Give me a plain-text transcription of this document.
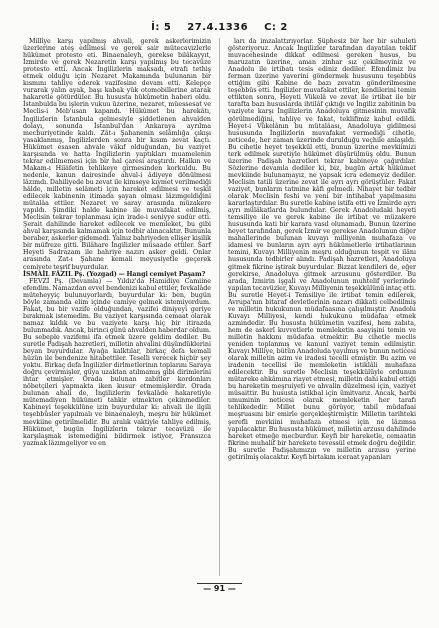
İ: 5 27.4.1336 C: 2

Millîye karşı yapılmış ahvali, gerek askerlerimizin üzerlerine ateş edilmesi ve gerek sair mütecavizlerle hükûmet protesto eti. Binaenaleyh, gerekse bilâkayyıt, İzmirde ve gerek Nezaretin karşı yapılmış bu tecavüze protesto etti. Ancak İngilizlerin maksadı, etrafı tethiş etmek olduğu için Nezaret Makamında bulunanın bir kısmını tahliye ederek vazifesine devam etti. Kelepçe vurarak yalın ayak, başı kabak yük otomobillerine atarak hakaretle götürdüler. Bu hususta hükûmetin haberi oldu. İstanbulda bu işlerin vukuu üzerine, nezaret, müessesat ve Meclis-i Meb'usan kapandı. Hükûmet bu harekâtı, İngilizlerin İstanbula gelmesiyle şiddetlenen ahvalden dolayı, sonunda İstanbul'dan Ankaraya ayrılma mecburiyetinde kaldı. Zât-ı Şahanenin selâmlığa çıkışı yasaklanmış, İngilizlerden sonra bir kısım zevat kaçtı. Hükûmet esasen ahvale vâkıf olduğundan, bu vaziyet karşısında ve hatta İngilizlerin yaptıkları muamelenin tekrar edilmemesi için bir hal çaresi araştırdı. Halkın ve Makam-ı Hilâfetin tehlikeye girmesinden korkuldu. Bu nedenle, kanun dairesinde ahval-i âdiyeye dönülmesi lâzımdı. Dahiliyede bu zevat ile kimseye kıymet verilmediği hâlde, milletin selâmeti için hareket edilmesi ve teşkil edilecek kabinenin itimada şayan olması lâzımgeldiğini mütalâa ettiler. Nezaret ve saray arasında müzakere yapıldı. Şimdiki halde kabine ile muvafakat edilmiş, Meclisin tekrar toplanması için irade-i seniyye sudûr etti. Şerait dahilinde hareket edilecek ve memleket, bu gibi ahval karşısında kalmamak için tedbir alınacaktır. Bununla beraber, askerler gidemedi. Yalnız bahriyeden ellişer kişilik bir müfreze gitti. Bilâhare İngilizler müsaade ettiler. Sarf Heyeti Sadrazam ile bahriye nazırı asker geldi. Onlar arasında Zat-ı Şahane kemali meyusiyetle geçerek cemiyete teşrif buyurdular.

İSMAİL FÂZIL Pş. (Yozgad) — Hangi cemiyet Paşam?

FEVZİ Pş. (Devamla) — Yıldız'da Hamidiye Camiine efendim. Namazdan evvel bendenizi kabul ettiler, fevkalâde müteheyyiç bulunuyorlardı, buyurdular ki: ben, bugün böyle zamanda elim içinde camiye gelmek istemiyordum. Fakat, bu bir vazife olduğundan, vazifei diniyeyi geriye bırakmak istemedim. Bu vaziyet karşısında cemaat olarak namaz kıldık ve bu vaziyete karşı hiç bir itirazda bulunmadık. Ancak, birinci günü ahvalden haberdar oldum. Bu sebeple vazifemi ifa etmek üzere geldim dediler. Bu suretle Padişah hazretleri, milletin ahvalini düşündüklerini beyan buyurdular. Ayağa kalktılar, birkaç defa kemali hüzün ile bendenize hitabettiler. Teselli verecek hiçbir şey yoktu. Birkaç defa İngilizler dirlmetlerinın toplarını Saraya doğru çevirmişler, güya uzaktan atılmamış gibi dirimlerini ihtar etmişler. Orada bulunan zabitler kordonları nöbetçileri yapmakta iken kusur etmemişlerdir. Orada bulunan ahali de, İngilizlerin fevkalâde hakaretiyle mütemadiyen hükûmeti tahkir etmekten çekinmediler. Kabineyi teşekkülüne izin buyurdular ki: ahvali ile ilgili teşebbüsler yapılmalı ve binaenaleyh, meşru bir hükûmet mevkiine getirilmelidir. Bu aralık vaktiyle tahliye edilmiş, Hükûmet, bugün İngilizlerin tekrar tecavüzü ile karşılaşmak istemediğini bildirmek istiyor, Fransızca yazmak lâzımgeliyor ve en

ları da imzalattırıyorlar. Şüphesiz bir her bir suhuleti gösteriyoruz. Ancak İngilizler tarafından dayatılan teklif muvacehesinde dikkat edilmesi gereken husus, bu maruzatın üzerine, aman zinhar sız çekilmeyiniz ve Anadolu ile irtibatı tesis ediniz dediler. Efendimiz bu ferman üzerine yaverini göndermek hususunu teşebbüs ettiğim gibi Kabine de bazı zevatın gönderilmesine teşebbüs etti. İngilizler muvafakat ettiler, kendilerini temin ettikten sonra, Heyeti Vükelâ ve zevat ile irtibat ile bir tarafta bazı hususlarda ihtilâf çıktığı ve İngiliz zabitinin bu vaziyete karşı İngilizlerin Anadoluya gitmesinin muvafık görülmediğini, tahliye ve fakat, teklifimiz kabul edildi. Heyet-i Vükelânın bu mütalâası, Anadoluya gidilmesi hususunda İngilizlerin muvafakat vermediği cihetle, neticede, her zaman üzerinde durulduğu veçhile anlaşıldı. Bu cihetle heyet teşekkül etti, bunun üzerine mevkiimizi terk edilmek suretiyle hükûmet düşürülmüş oldu. Bunun üzerine Padişah hazretleri tekrar kabineye çağırdılar. Sözlerine devamla dediler ki, biz, bugün artık hükûmet mevkiinde bulunamayız, ne yapsak icra edemeyiz dediler. Meclisin tatili üzerine zevat ile ayrı ayrı görüştüler. Fakat vaziyet, bunların tatmine kâfi gelmedi. Nihayet bir tedbir olarak Meclisin feshi ve yeni bir intihabat yapılmasını kararlaştırdılar. Bu suretle kabine istifa etti ve İzmirde ayrı ayrı mülâkatlarda bulundular. Gerek Anadoludaki heyeti temsiliye ile ve gerek kabine ile irtibat ve müzakere hususunda kati bir karara vasıl olunamadı. Bunun üzerine heyet tarafından, gerek İzmir ve gerekse Anadolunun diğer mahallerinde bulunan kuvayı milliyenin muhafaza ve idamesi ve bunların ayrı ayrı hükûmetlerle irtibatlarının temini, Kuvayı Milliyenin meşru olduğunun tespit ve ilânı hususunda tedbirler alındı. Padişah hazretleri, Anadoluya gitmek fikrine iştirak buyurdular. Bizzat kendileri de, eğer gerekirse, Anadoluya gitmek arzusunu gösterdiler. Bu arada, İzmirin işgali ve Anadolunun muhtelif yerlerinde yapılan tecavüzler, Kuvayı Milliyenin teşekkülünü intaç etti. Bu suretle Heyet-i Temsiliye ile irtibat temin edilerek, Avrupa'nın bitaraf devletlerinin nazarı dikkati celbedilmiş ve milletin hukukunun müdafaasına çalışılmıştır. Anadolu Kuvayı Milliyesi, kendi hukukunu müdafaa etmek azmindedir. Bu hususta hükûmetin vazifesi, hem zabıta, hem de askerî kuvvetlerle memleketin asayişini temin ve milletin hakkını müdafaa etmektir. Bu cihetle meclis yeniden toplanmış ve kanunî vaziyet temin edilmiştir. Kuvayı Milliye, bütün Anadoluda yayılmış ve bunun neticesi olarak milletin azim ve iradesi tecelli etmiştir. Bu azim ve iradenin tecellisi ile memleketin istiklâli muhafaza edilecektir. Bu suretle Meclisin teşekkülüyle ordunun mütareke ahkâmına riayet etmesi, milletin dahi kabul ettiği bu hareketin meşruiyeti ve ahvalin düzelmesi için, vaziyet müsaittir. Bu hususta istikbal için ümitvarız. Ancak, harbi umuminin neticesi olarak memleketin her tarafı tehlikededir. Millet bunu görüyor, tabiî müdafaai meşruasını bir emirle gerçekleştirmiştir. Milletin tarihteki şerefli mevkiini muhafaza etmesi için ne lâzımsa yapılacaktır. Bu hususta hükûmet, milletin arzusu dahilinde hareket etmeğe mecburdur. Keyfi bir hareketle, cemaatin fikrine muhalif bir harekete tevessül etmek doğru değildir. Bu suretle Padişahımızın ve milletin arzusu yerine getirilmiş olacaktır. Keyfi birtakım iceraat yapanları

— 91 —
